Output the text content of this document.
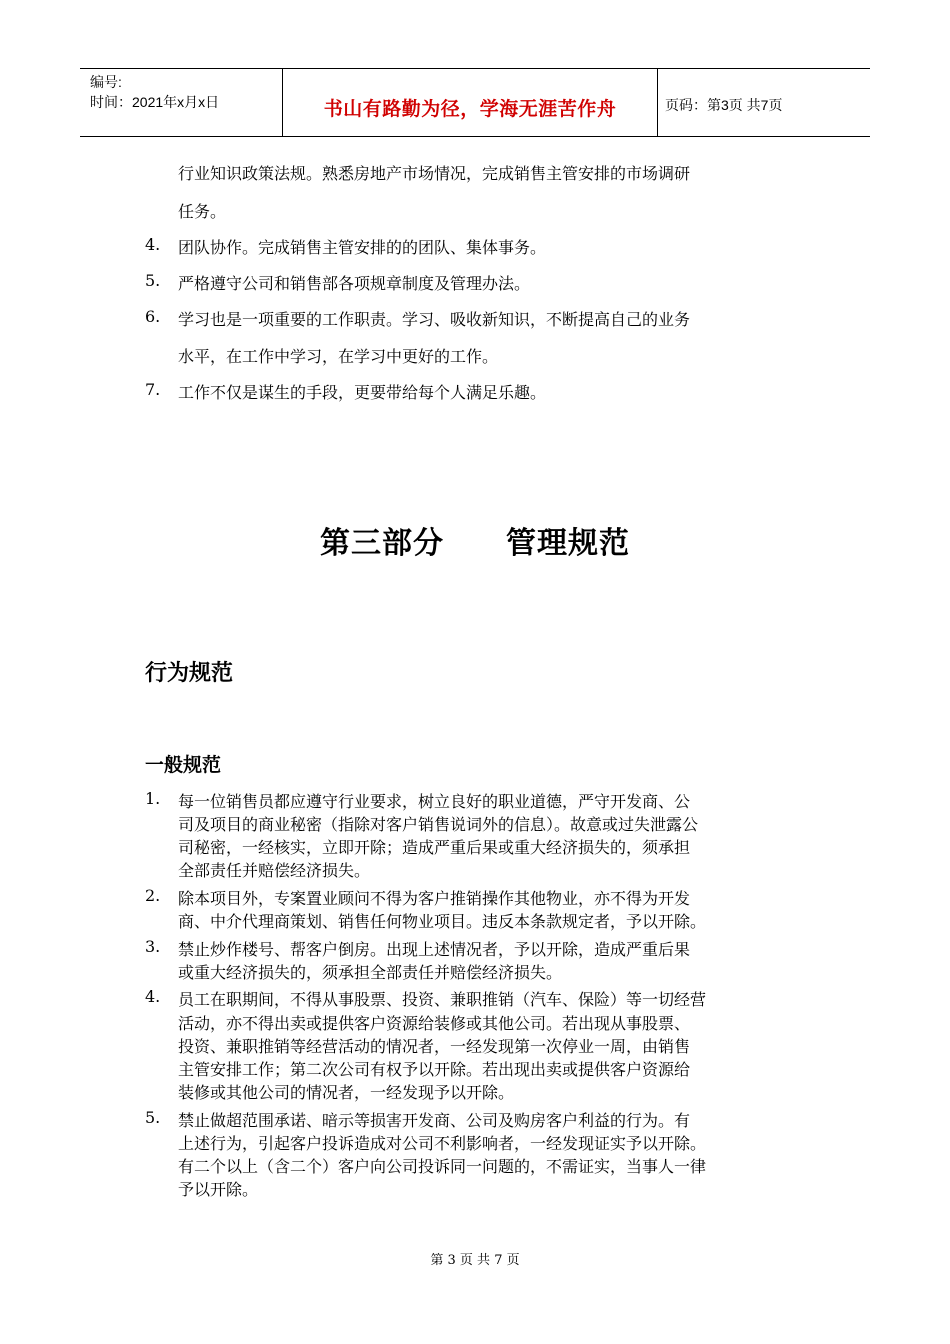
编号:
时间：2021年x月x日	书山有路勤为径，学海无涯苦作舟	页码：第3页 共7页
行业知识政策法规。熟悉房地产市场情况，完成销售主管安排的市场调研
任务。
4. 团队协作。完成销售主管安排的的团队、集体事务。
5. 严格遵守公司和销售部各项规章制度及管理办法。
6. 学习也是一项重要的工作职责。学习、吸收新知识，不断提高自己的业务
水平，在工作中学习，在学习中更好的工作。
7. 工作不仅是谋生的手段，更要带给每个人满足乐趣。
第三部分　　管理规范
行为规范
一般规范
1. 每一位销售员都应遵守行业要求，树立良好的职业道德，严守开发商、公
司及项目的商业秘密（指除对客户销售说词外的信息）。故意或过失泄露公
司秘密，一经核实，立即开除；造成严重后果或重大经济损失的，须承担
全部责任并赔偿经济损失。
2. 除本项目外，专案置业顾问不得为客户推销操作其他物业，亦不得为开发
商、中介代理商策划、销售任何物业项目。违反本条款规定者，予以开除。
3. 禁止炒作楼号、帮客户倒房。出现上述情况者，予以开除，造成严重后果
或重大经济损失的，须承担全部责任并赔偿经济损失。
4. 员工在职期间，不得从事股票、投资、兼职推销（汽车、保险）等一切经营
活动，亦不得出卖或提供客户资源给装修或其他公司。若出现从事股票、
投资、兼职推销等经营活动的情况者，一经发现第一次停业一周，由销售
主管安排工作；第二次公司有权予以开除。若出现出卖或提供客户资源给
装修或其他公司的情况者，一经发现予以开除。
5. 禁止做超范围承诺、暗示等损害开发商、公司及购房客户利益的行为。有
上述行为，引起客户投诉造成对公司不利影响者，一经发现证实予以开除。
有二个以上（含二个）客户向公司投诉同一问题的，不需证实，当事人一律
予以开除。
第 3 页 共 7 页
